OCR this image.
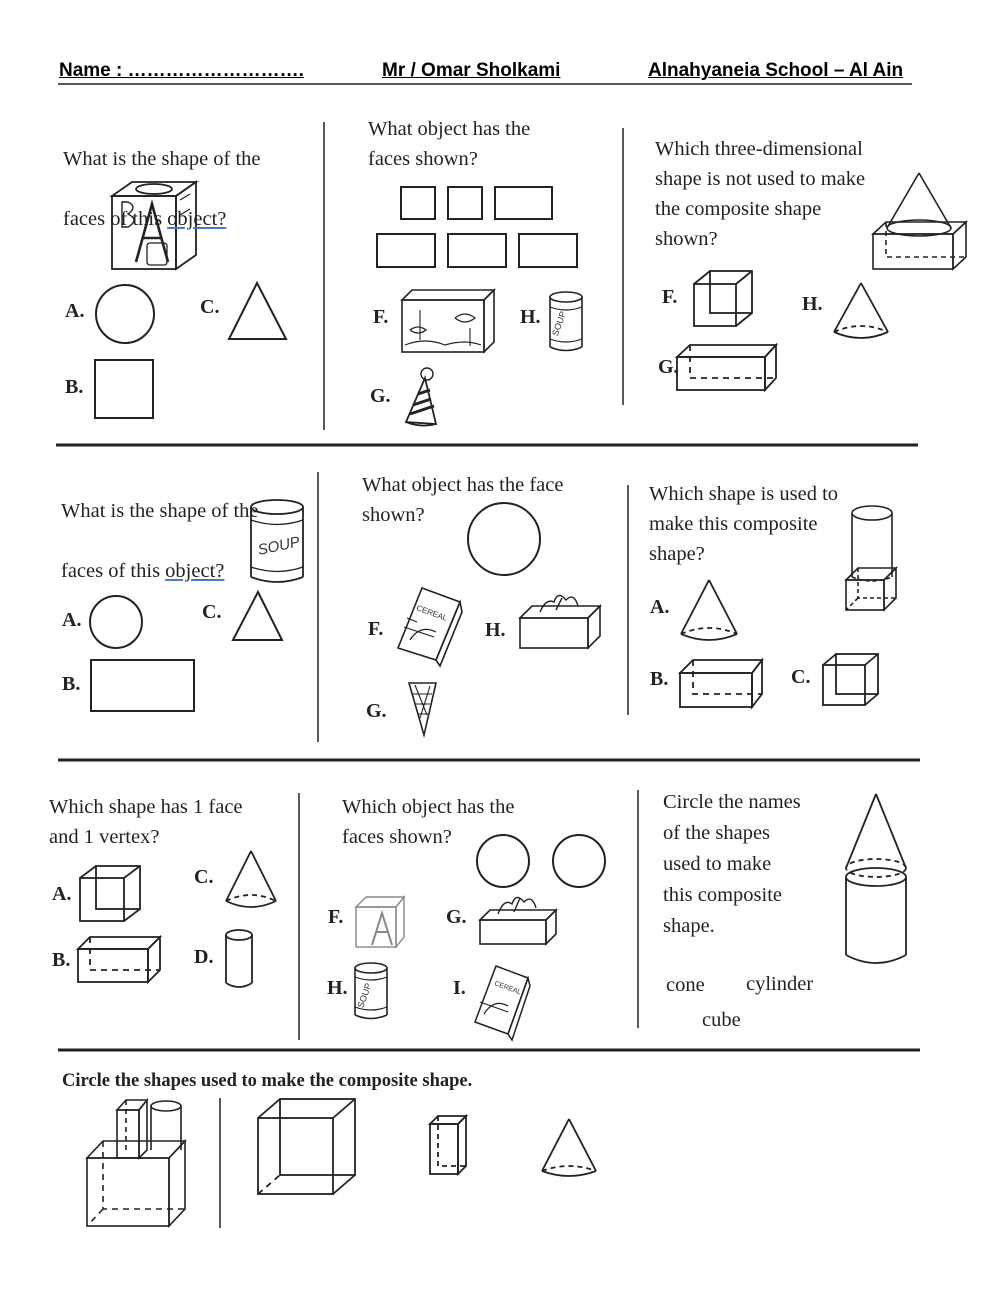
Name : ……………………….	Mr / Omar Sholkami	Alnahyaneia School – Al Ain
SOUP
SOUP
SOUP
CEREAL
CEREAL

What is the shape of the

faces of this object?

A.
B.
C.
What object has the
faces shown?
F.
G.
H.
Which three-dimensional
shape is not used to make
the composite shape
shown?
F.
G.
H.

What is the shape of the

faces of this object?

A.
B.
C.
What object has the face
shown?
F.
G.
H.
Which shape is used to
make this composite
shape?
A.
B.	C.
Which shape has 1 face
and 1 vertex?
A.
B.
C.
D.
Which object has the
faces shown?
F.	G.
H.	I.
Circle the names
of the shapes
used to make
this composite
shape.
cone cylinder
cube
Circle the shapes used to make the composite shape.
